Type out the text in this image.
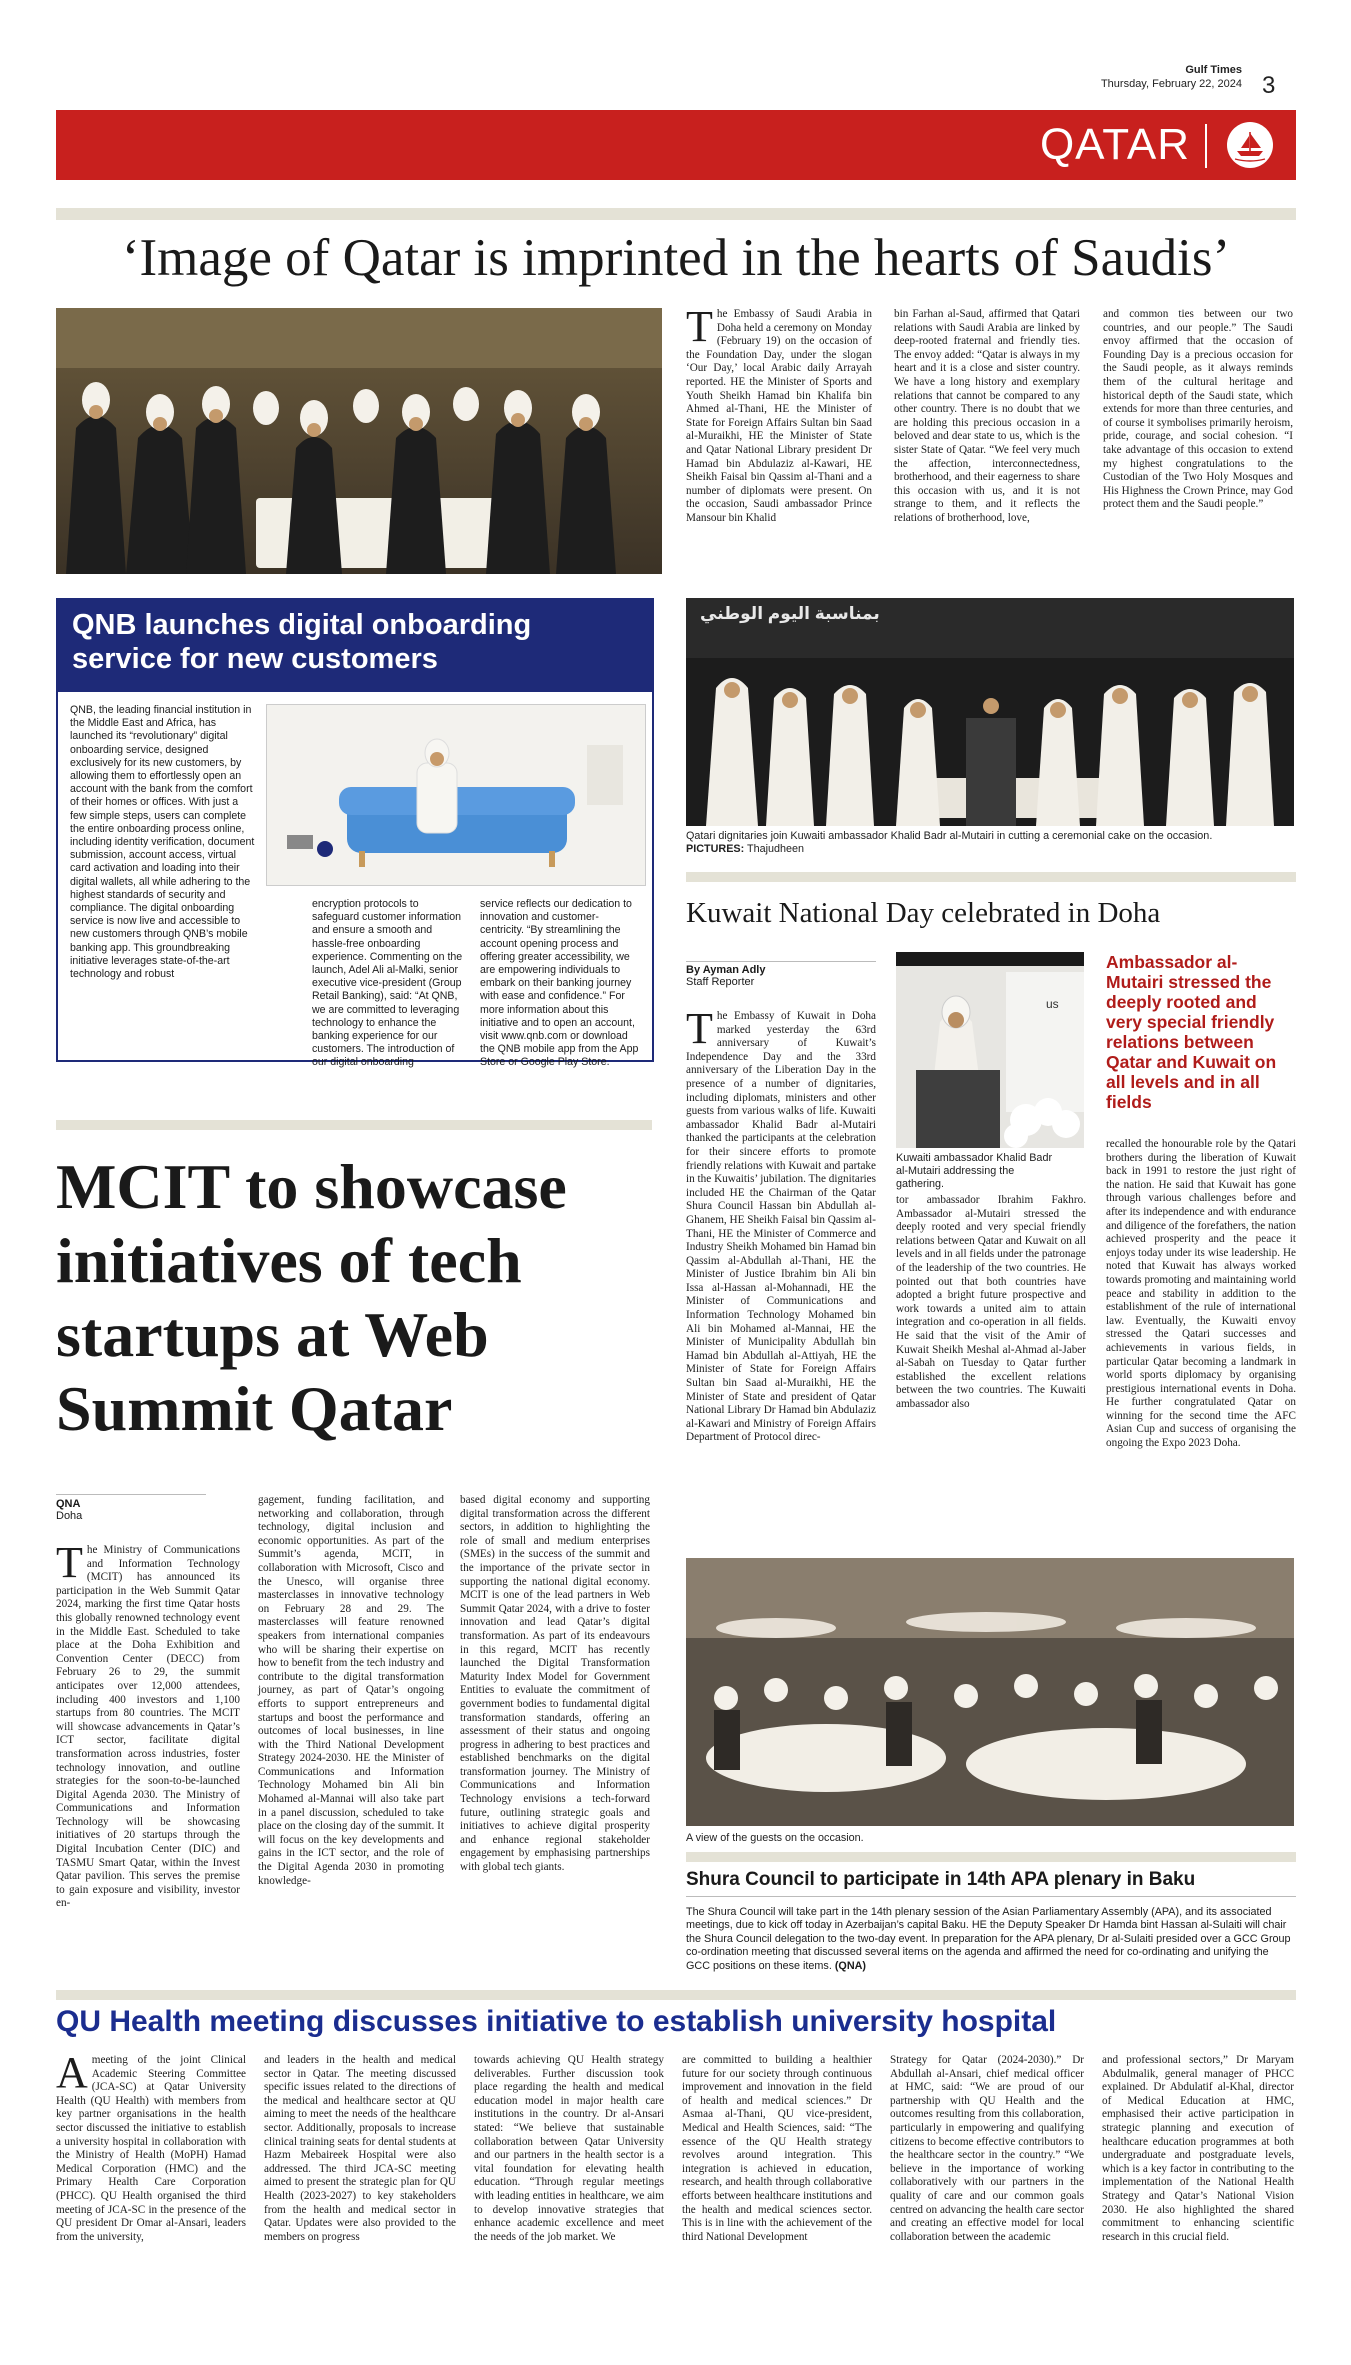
Gulf Times
Thursday, February 22, 2024 3
QATAR
‘Image of Qatar is imprinted in the hearts of Saudis’
The Embassy of Saudi Arabia in Doha held a ceremony on Monday (February 19) on the occasion of the Foundation Day, under the slogan ‘Our Day,’ local Arabic daily Arrayah reported. HE the Minister of Sports and Youth Sheikh Hamad bin Khalifa bin Ahmed al-Thani, HE the Minister of State for Foreign Affairs Sultan bin Saad al-Muraikhi, HE the Minister of State and Qatar National Library president Dr Hamad bin Abdulaziz al-Kawari, HE Sheikh Faisal bin Qassim al-Thani and a number of diplomats were present. On the occasion, Saudi ambassador Prince Mansour bin Khalid
bin Farhan al-Saud, affirmed that Qatari relations with Saudi Arabia are linked by deep-rooted fraternal and friendly ties. The envoy added: “Qatar is always in my heart and it is a close and sister country. We have a long history and exemplary relations that cannot be compared to any other country. There is no doubt that we are holding this precious occasion in a beloved and dear state to us, which is the sister State of Qatar. “We feel very much the affection, interconnectedness, brotherhood, and their eagerness to share this occasion with us, and it is not strange to them, and it reflects the relations of brotherhood, love,
and common ties between our two countries, and our people.” The Saudi envoy affirmed that the occasion of Founding Day is a precious occasion for the Saudi people, as it always reminds them of the cultural heritage and historical depth of the Saudi state, which extends for more than three centuries, and of course it symbolises primarily heroism, pride, courage, and social cohesion. “I take advantage of this occasion to extend my highest congratulations to the Custodian of the Two Holy Mosques and His Highness the Crown Prince, may God protect them and the Saudi people.”
QNB launches digital onboarding service for new customers
QNB, the leading financial institution in the Middle East and Africa, has launched its “revolutionary” digital onboarding service, designed exclusively for its new customers, by allowing them to effortlessly open an account with the bank from the comfort of their homes or offices. With just a few simple steps, users can complete the entire onboarding process online, including identity verification, document submission, account access, virtual card activation and loading into their digital wallets, all while adhering to the highest standards of security and compliance. The digital onboarding service is now live and accessible to new customers through QNB’s mobile banking app. This groundbreaking initiative leverages state-of-the-art technology and robust
encryption protocols to safeguard customer information and ensure a smooth and hassle-free onboarding experience. Commenting on the launch, Adel Ali al-Malki, senior executive vice-president (Group Retail Banking), said: “At QNB, we are committed to leveraging technology to enhance the banking experience for our customers. The introduction of our digital onboarding
service reflects our dedication to innovation and customer-centricity. “By streamlining the account opening process and offering greater accessibility, we are empowering individuals to embark on their banking journey with ease and confidence.” For more information about this initiative and to open an account, visit www.qnb.com or download the QNB mobile app from the App Store or Google Play Store.
بمناسبة اليوم الوطني
Qatari dignitaries join Kuwaiti ambassador Khalid Badr al-Mutairi in cutting a ceremonial cake on the occasion.
PICTURES: Thajudheen
Kuwait National Day celebrated in Doha
By Ayman Adly
Staff Reporter
us
Kuwaiti ambassador Khalid Badr al-Mutairi addressing the gathering.
Ambassador al-Mutairi stressed the deeply rooted and very special friendly relations between Qatar and Kuwait on all levels and in all fields
The Embassy of Kuwait in Doha marked yesterday the 63rd anniversary of Kuwait’s Independence Day and the 33rd anniversary of the Liberation Day in the presence of a number of dignitaries, including diplomats, ministers and other guests from various walks of life. Kuwaiti ambassador Khalid Badr al-Mutairi thanked the participants at the celebration for their sincere efforts to promote friendly relations with Kuwait and partake in the Kuwaitis’ jubilation. The dignitaries included HE the Chairman of the Qatar Shura Council Hassan bin Abdullah al-Ghanem, HE Sheikh Faisal bin Qassim al-Thani, HE the Minister of Commerce and Industry Sheikh Mohamed bin Hamad bin Qassim al-Abdullah al-Thani, HE the Minister of Justice Ibrahim bin Ali bin Issa al-Hassan al-Mohannadi, HE the Minister of Communications and Information Technology Mohamed bin Ali bin Mohamed al-Mannai, HE the Minister of Municipality Abdullah bin Hamad bin Abdullah al-Attiyah, HE the Minister of State for Foreign Affairs Sultan bin Saad al-Muraikhi, HE the Minister of State and president of Qatar National Library Dr Hamad bin Abdulaziz al-Kawari and Ministry of Foreign Affairs Department of Protocol direc-
tor ambassador Ibrahim Fakhro. Ambassador al-Mutairi stressed the deeply rooted and very special friendly relations between Qatar and Kuwait on all levels and in all fields under the patronage of the leadership of the two countries. He pointed out that both countries have adopted a bright future prospective and work towards a united aim to attain integration and co-operation in all fields. He said that the visit of the Amir of Kuwait Sheikh Meshal al-Ahmad al-Jaber al-Sabah on Tuesday to Qatar further established the excellent relations between the two countries. The Kuwaiti ambassador also
recalled the honourable role by the Qatari brothers during the liberation of Kuwait back in 1991 to restore the just right of the nation. He said that Kuwait has gone through various challenges before and after its independence and with endurance and diligence of the forefathers, the nation achieved prosperity and the peace it enjoys today under its wise leadership. He noted that Kuwait has always worked towards promoting and maintaining world peace and stability in addition to the establishment of the rule of international law. Eventually, the Kuwaiti envoy stressed the Qatari successes and achievements in various fields, in particular Qatar becoming a landmark in world sports diplomacy by organising prestigious international events in Doha. He further congratulated Qatar on winning for the second time the AFC Asian Cup and success of organising the ongoing the Expo 2023 Doha.
A view of the guests on the occasion.
Shura Council to participate in 14th APA plenary in Baku
The Shura Council will take part in the 14th plenary session of the Asian Parliamentary Assembly (APA), and its associated meetings, due to kick off today in Azerbaijan’s capital Baku. HE the Deputy Speaker Dr Hamda bint Hassan al-Sulaiti will chair the Shura Council delegation to the two-day event. In preparation for the APA plenary, Dr al-Sulaiti presided over a GCC Group co-ordination meeting that discussed several items on the agenda and affirmed the need for co-ordinating and unifying the GCC positions on these items. (QNA)
MCIT to showcase initiatives of tech startups at Web Summit Qatar
QNA
Doha
The Ministry of Communications and Information Technology (MCIT) has announced its participation in the Web Summit Qatar 2024, marking the first time Qatar hosts this globally renowned technology event in the Middle East. Scheduled to take place at the Doha Exhibition and Convention Center (DECC) from February 26 to 29, the summit anticipates over 12,000 attendees, including 400 investors and 1,100 startups from 80 countries. The MCIT will showcase advancements in Qatar’s ICT sector, facilitate digital transformation across industries, foster technology innovation, and outline strategies for the soon-to-be-launched Digital Agenda 2030. The Ministry of Communications and Information Technology will be showcasing initiatives of 20 startups through the Digital Incubation Center (DIC) and TASMU Smart Qatar, within the Invest Qatar pavilion. This serves the premise to gain exposure and visibility, investor en-
gagement, funding facilitation, and networking and collaboration, through technology, digital inclusion and economic opportunities. As part of the Summit’s agenda, MCIT, in collaboration with Microsoft, Cisco and the Unesco, will organise three masterclasses in innovative technology on February 28 and 29. The masterclasses will feature renowned speakers from international companies who will be sharing their expertise on how to benefit from the tech industry and contribute to the digital transformation journey, as part of Qatar’s ongoing efforts to support entrepreneurs and startups and boost the performance and outcomes of local businesses, in line with the Third National Development Strategy 2024-2030. HE the Minister of Communications and Information Technology Mohamed bin Ali bin Mohamed al-Mannai will also take part in a panel discussion, scheduled to take place on the closing day of the summit. It will focus on the key developments and gains in the ICT sector, and the role of the Digital Agenda 2030 in promoting knowledge-
based digital economy and supporting digital transformation across the different sectors, in addition to highlighting the role of small and medium enterprises (SMEs) in the success of the summit and the importance of the private sector in supporting the national digital economy. MCIT is one of the lead partners in Web Summit Qatar 2024, with a drive to foster innovation and lead Qatar’s digital transformation. As part of its endeavours in this regard, MCIT has recently launched the Digital Transformation Maturity Index Model for Government Entities to evaluate the commitment of government bodies to fundamental digital transformation standards, offering an assessment of their status and ongoing progress in adhering to best practices and established benchmarks on the digital transformation journey. The Ministry of Communications and Information Technology envisions a tech-forward future, outlining strategic goals and initiatives to achieve digital prosperity and enhance regional stakeholder engagement by emphasising partnerships with global tech giants.
QU Health meeting discusses initiative to establish university hospital
Ameeting of the joint Clinical Academic Steering Committee (JCA-SC) at Qatar University Health (QU Health) with members from key partner organisations in the health sector discussed the initiative to establish a university hospital in collaboration with the Ministry of Health (MoPH) Hamad Medical Corporation (HMC) and the Primary Health Care Corporation (PHCC). QU Health organised the third meeting of JCA-SC in the presence of the QU president Dr Omar al-Ansari, leaders from the university,
and leaders in the health and medical sector in Qatar. The meeting discussed specific issues related to the directions of the medical and healthcare sector at QU aiming to meet the needs of the healthcare sector. Additionally, proposals to increase clinical training seats for dental students at Hazm Mebaireek Hospital were also addressed. The third JCA-SC meeting aimed to present the strategic plan for QU Health (2023-2027) to key stakeholders from the health and medical sector in Qatar. Updates were also provided to the members on progress
towards achieving QU Health strategy deliverables. Further discussion took place regarding the health and medical education model in major health care institutions in the country. Dr al-Ansari stated: “We believe that sustainable collaboration between Qatar University and our partners in the health sector is a vital foundation for elevating health education. “Through regular meetings with leading entities in healthcare, we aim to develop innovative strategies that enhance academic excellence and meet the needs of the job market. We
are committed to building a healthier future for our society through continuous improvement and innovation in the field of health and medical sciences.” Dr Asmaa al-Thani, QU vice-president, Medical and Health Sciences, said: “The essence of the QU Health strategy revolves around integration. This integration is achieved in education, research, and health through collaborative efforts between healthcare institutions and the health and medical sciences sector. This is in line with the achievement of the third National Development
Strategy for Qatar (2024-2030).” Dr Abdullah al-Ansari, chief medical officer at HMC, said: “We are proud of our partnership with QU Health and the outcomes resulting from this collaboration, particularly in empowering and qualifying citizens to become effective contributors to the healthcare sector in the country.” “We believe in the importance of working collaboratively with our partners in the quality of care and our common goals centred on advancing the health care sector and creating an effective model for local collaboration between the academic
and professional sectors,” Dr Maryam Abdulmalik, general manager of PHCC explained. Dr Abdulatif al-Khal, director of Medical Education at HMC, emphasised their active participation in strategic planning and execution of healthcare education programmes at both undergraduate and postgraduate levels, which is a key factor in contributing to the implementation of the National Health Strategy and Qatar’s National Vision 2030. He also highlighted the shared commitment to enhancing scientific research in this crucial field.
